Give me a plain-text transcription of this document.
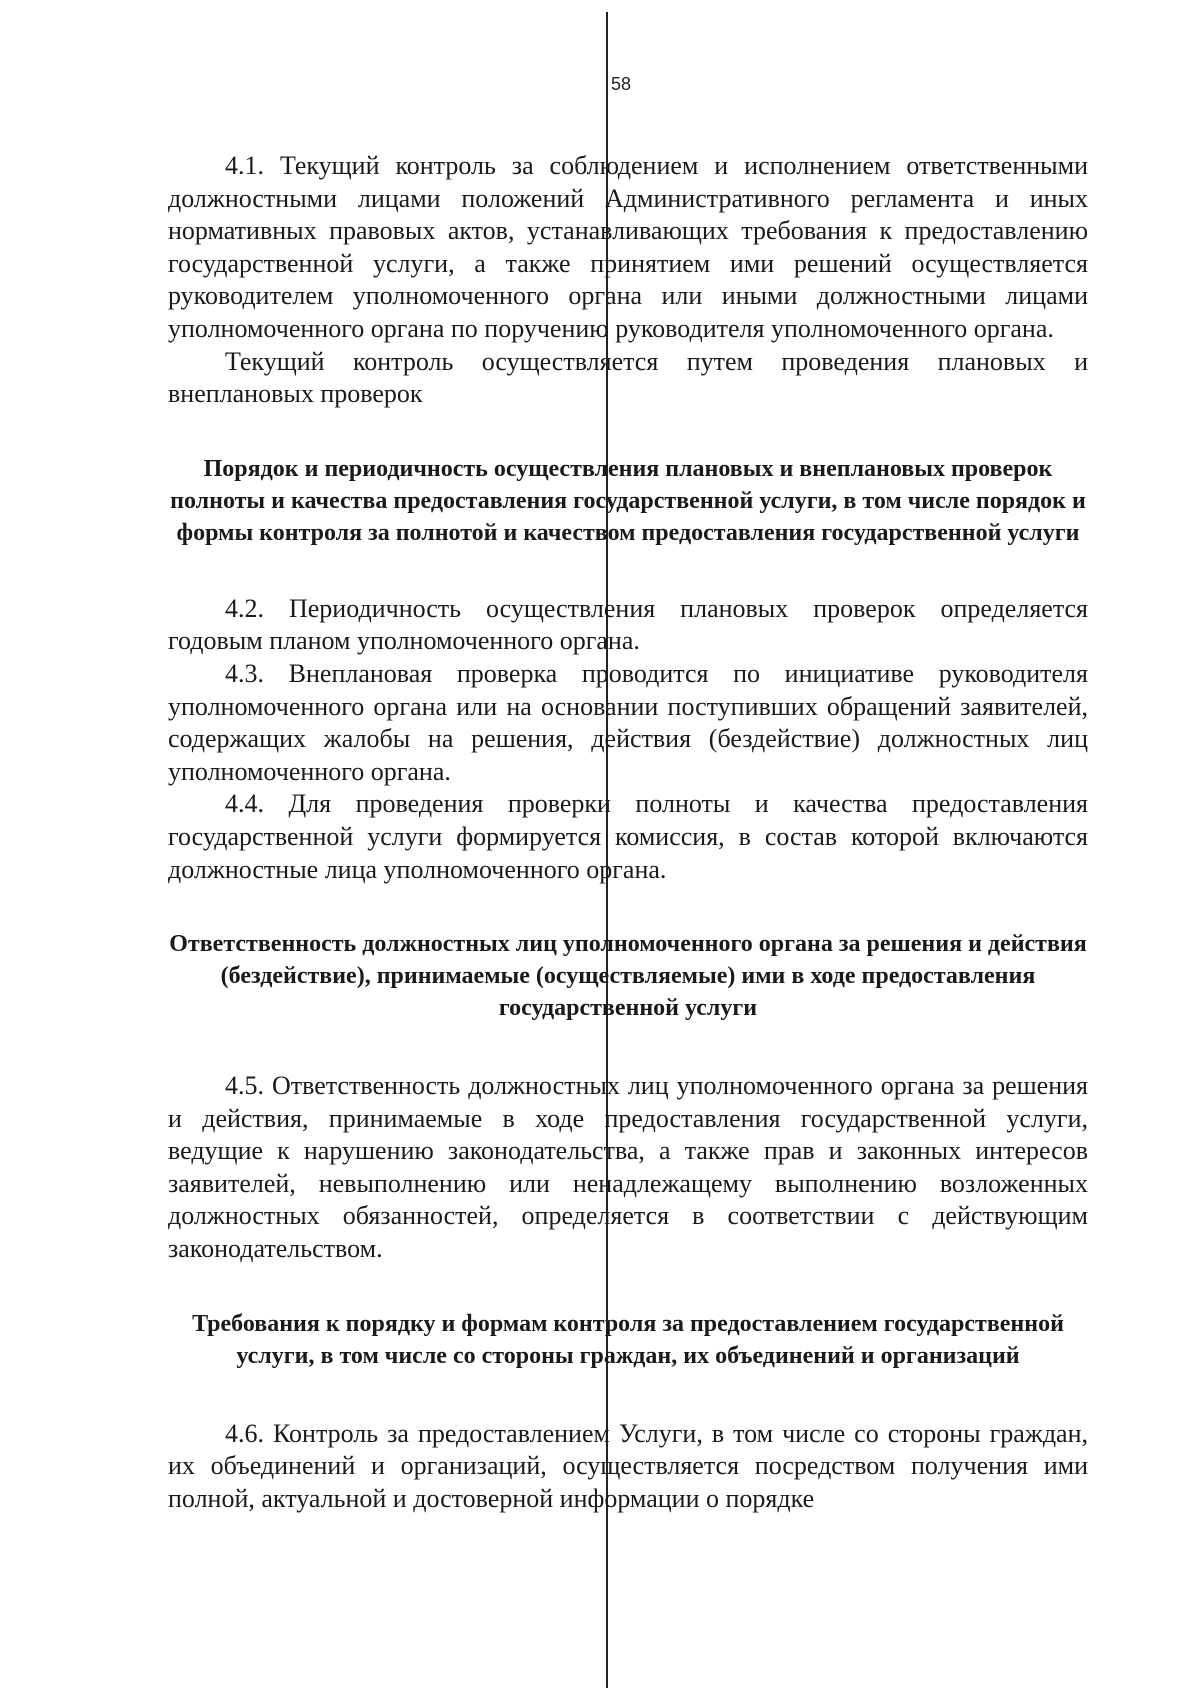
58

4.1. Текущий контроль за соблюдением и исполнением ответственными должностными лицами положений Административного регламента и иных нормативных правовых актов, устанавливающих требования к предоставлению государственной услуги, а также принятием ими решений осуществляется руководителем уполномоченного органа или иными должностными лицами уполномоченного органа по поручению руководителя уполномоченного органа.

Текущий контроль осуществляется путем проведения плановых и внеплановых проверок

Порядок и периодичность осуществления плановых и внеплановых проверок полноты и качества предоставления государственной услуги, в том числе порядок и формы контроля за полнотой и качеством предоставления государственной услуги

4.2. Периодичность осуществления плановых проверок определяется годовым планом уполномоченного органа.

4.3. Внеплановая проверка проводится по инициативе руководителя уполномоченного органа или на основании поступивших обращений заявителей, содержащих жалобы на решения, действия (бездействие) должностных лиц уполномоченного органа.

4.4. Для проведения проверки полноты и качества предоставления государственной услуги формируется комиссия, в состав которой включаются должностные лица уполномоченного органа.

Ответственность должностных лиц уполномоченного органа за решения и действия (бездействие), принимаемые (осуществляемые) ими в ходе предоставления государственной услуги

4.5. Ответственность должностных лиц уполномоченного органа за решения и действия, принимаемые в ходе предоставления государственной услуги, ведущие к нарушению законодательства, а также прав и законных интересов заявителей, невыполнению или ненадлежащему выполнению возложенных должностных обязанностей, определяется в соответствии с действующим законодательством.

Требования к порядку и формам контроля за предоставлением государственной услуги, в том числе со стороны граждан, их объединений и организаций

4.6. Контроль за предоставлением Услуги, в том числе со стороны граждан, их объединений и организаций, осуществляется посредством получения ими полной, актуальной и достоверной информации о порядке
